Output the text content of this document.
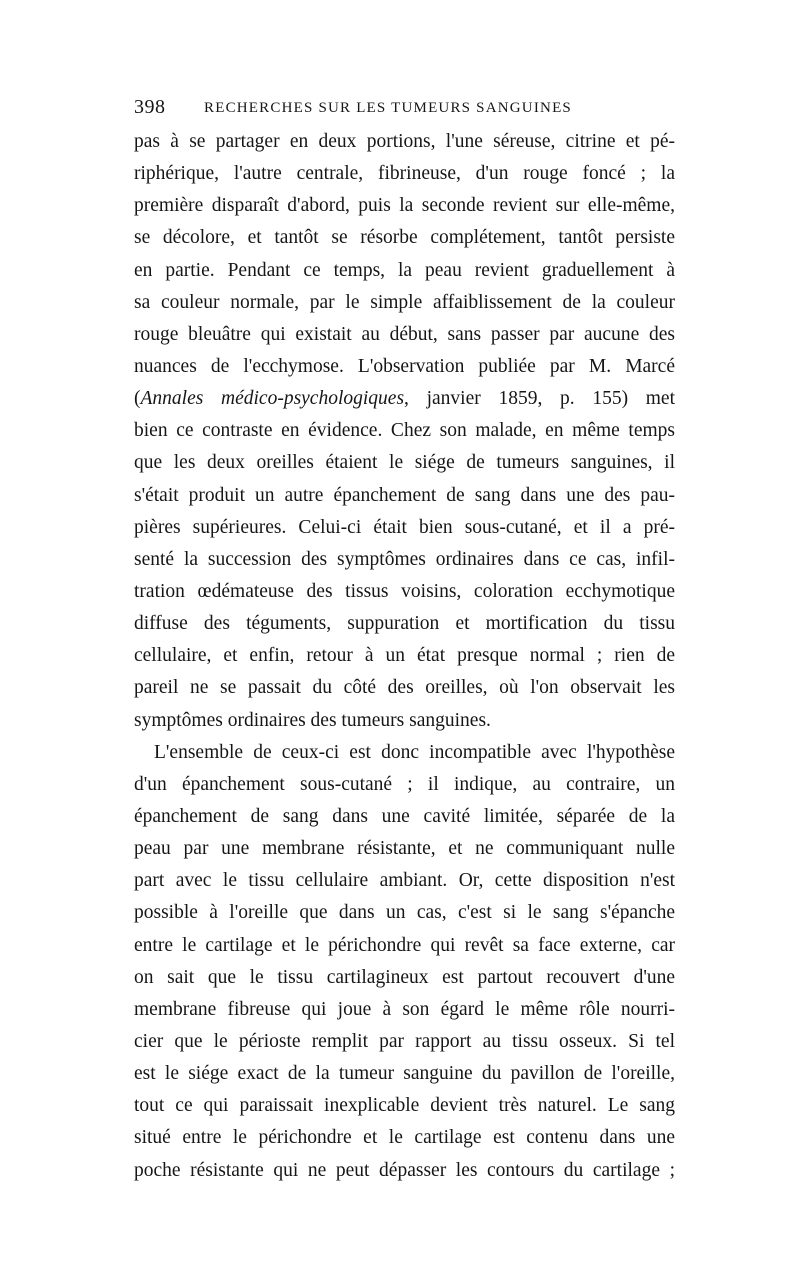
398	RECHERCHES SUR LES TUMEURS SANGUINES
pas à se partager en deux portions, l'une séreuse, citrine et pé-
riphérique, l'autre centrale, fibrineuse, d'un rouge foncé ; la
première disparaît d'abord, puis la seconde revient sur elle-même,
se décolore, et tantôt se résorbe complétement, tantôt persiste
en partie. Pendant ce temps, la peau revient graduellement à
sa couleur normale, par le simple affaiblissement de la couleur
rouge bleuâtre qui existait au début, sans passer par aucune des
nuances de l'ecchymose. L'observation publiée par M. Marcé
(Annales médico-psychologiques, janvier 1859, p. 155) met
bien ce contraste en évidence. Chez son malade, en même temps
que les deux oreilles étaient le siége de tumeurs sanguines, il
s'était produit un autre épanchement de sang dans une des pau-
pières supérieures. Celui-ci était bien sous-cutané, et il a pré-
senté la succession des symptômes ordinaires dans ce cas, infil-
tration œdémateuse des tissus voisins, coloration ecchymotique
diffuse des téguments, suppuration et mortification du tissu
cellulaire, et enfin, retour à un état presque normal ; rien de
pareil ne se passait du côté des oreilles, où l'on observait les
symptômes ordinaires des tumeurs sanguines.
L'ensemble de ceux-ci est donc incompatible avec l'hypothèse
d'un épanchement sous-cutané ; il indique, au contraire, un
épanchement de sang dans une cavité limitée, séparée de la
peau par une membrane résistante, et ne communiquant nulle
part avec le tissu cellulaire ambiant. Or, cette disposition n'est
possible à l'oreille que dans un cas, c'est si le sang s'épanche
entre le cartilage et le périchondre qui revêt sa face externe, car
on sait que le tissu cartilagineux est partout recouvert d'une
membrane fibreuse qui joue à son égard le même rôle nourri-
cier que le périoste remplit par rapport au tissu osseux. Si tel
est le siége exact de la tumeur sanguine du pavillon de l'oreille,
tout ce qui paraissait inexplicable devient très naturel. Le sang
situé entre le périchondre et le cartilage est contenu dans une
poche résistante qui ne peut dépasser les contours du cartilage ;
